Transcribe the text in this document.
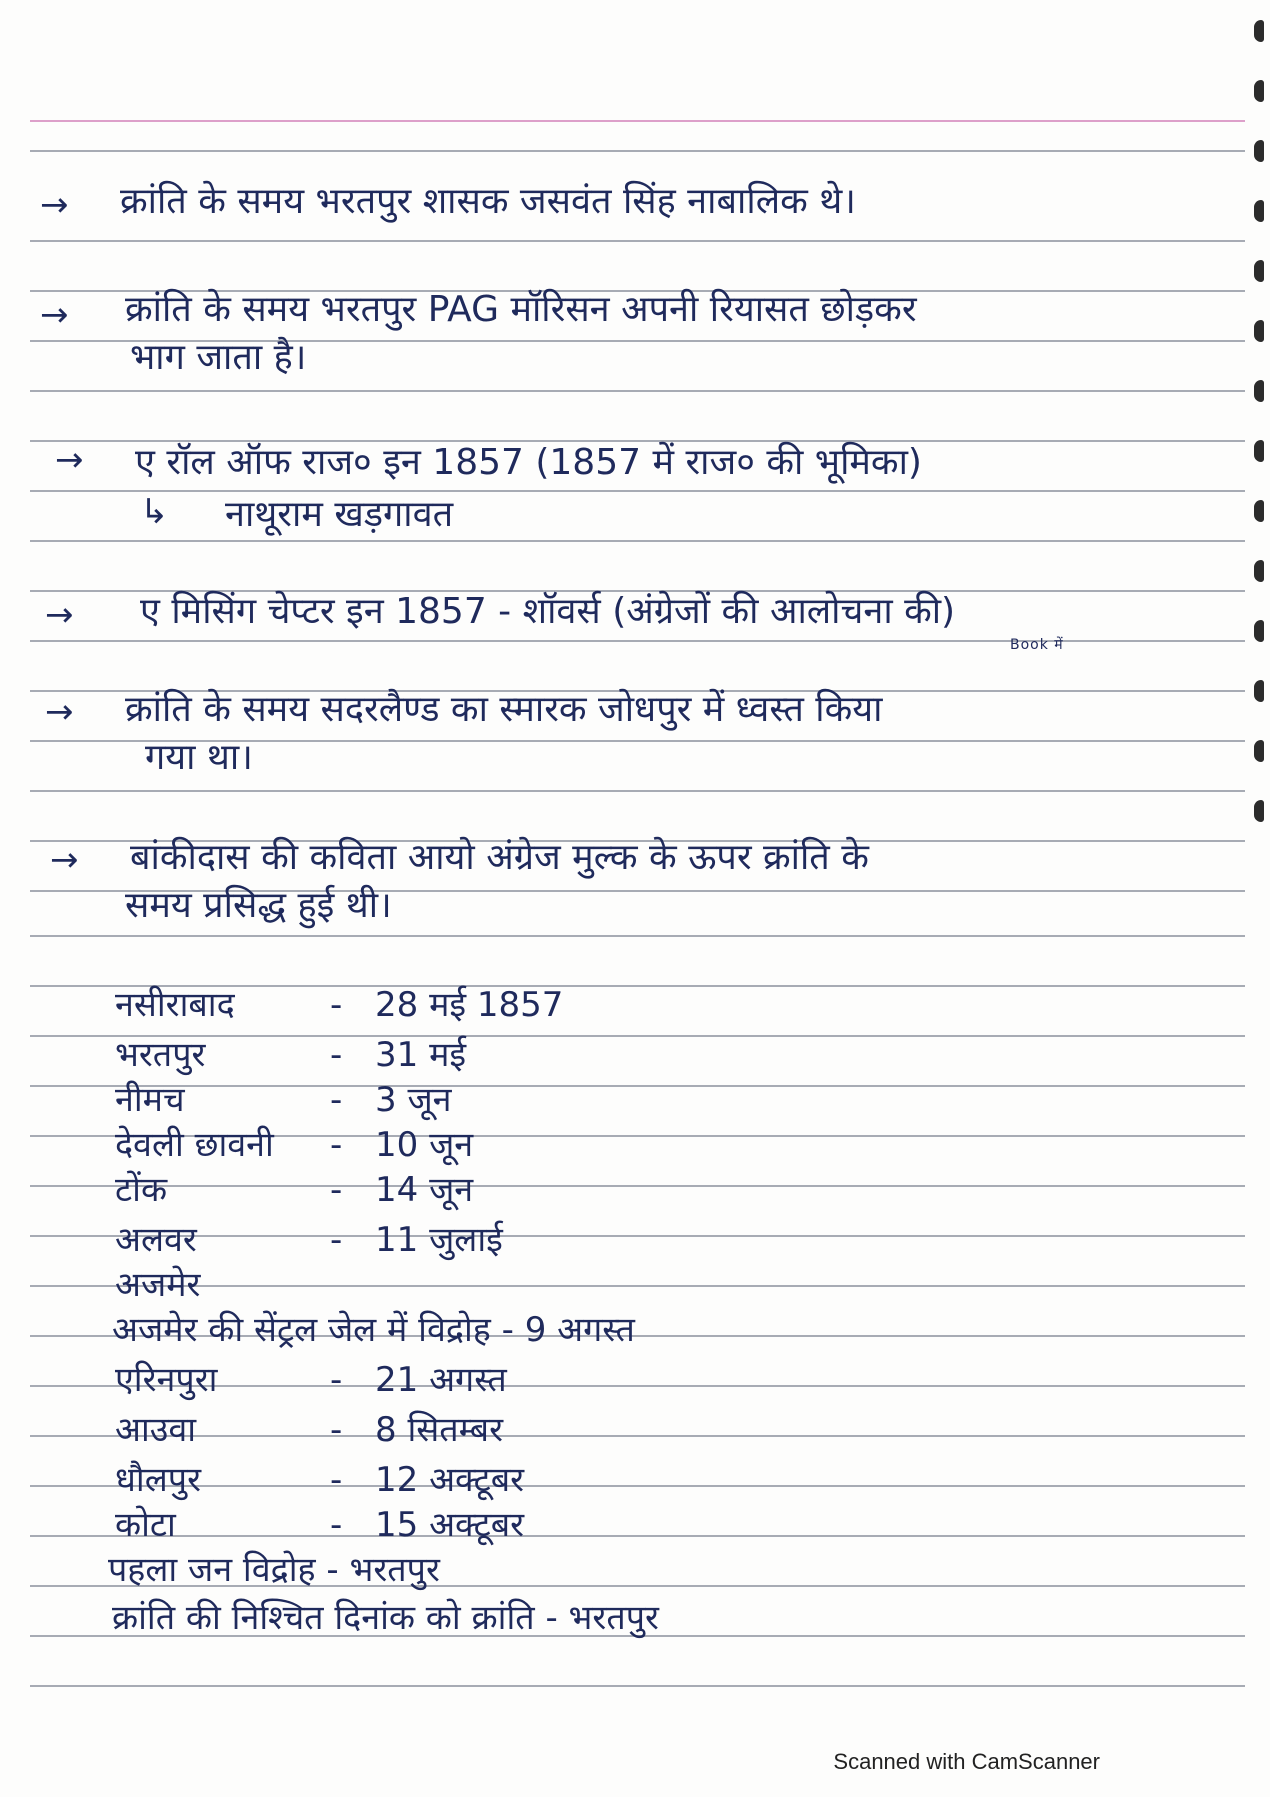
→ क्रांति के समय भरतपुर शासक जसवंत सिंह नाबालिक थे।
→ क्रांति के समय भरतपुर PAG मॉरिसन अपनी रियासत छोड़कर
भाग जाता है।
→ ए रॉल ऑफ राज० इन 1857 (1857 में राज० की भूमिका)
↳ नाथूराम खड़गावत
→ ए मिसिंग चेप्टर इन 1857 - शॉवर्स (अंग्रेजों की आलोचना की)
Book में
→ क्रांति के समय सदरलैण्ड का स्मारक जोधपुर में ध्वस्त किया
गया था।
→ बांकीदास की कविता आयो अंग्रेज मुल्क के ऊपर क्रांति के
समय प्रसिद्ध हुई थी।
नसीराबाद	- 28 मई 1857
भरतपुर	- 31 मई
नीमच	- 3 जून
देवली छावनी - 10 जून
टोंक	- 14 जून
अलवर	- 11 जुलाई
अजमेर
अजमेर की सेंट्रल जेल में विद्रोह - 9 अगस्त
एरिनपुरा	- 21 अगस्त
आउवा	- 8 सितम्बर
धौलपुर	- 12 अक्टूबर
कोटा	- 15 अक्टूबर
पहला जन विद्रोह - भरतपुर
क्रांति की निश्चित दिनांक को क्रांति - भरतपुर
Scanned with CamScanner
